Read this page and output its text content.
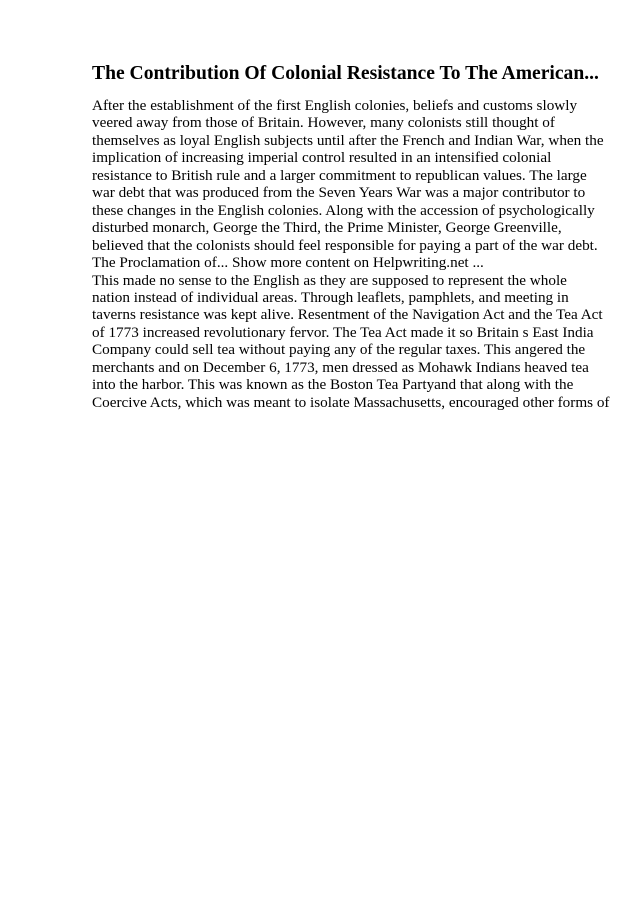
The Contribution Of Colonial Resistance To The American...
After the establishment of the first English colonies, beliefs and customs slowly
veered away from those of Britain. However, many colonists still thought of
themselves as loyal English subjects until after the French and Indian War, when the
implication of increasing imperial control resulted in an intensified colonial
resistance to British rule and a larger commitment to republican values. The large
war debt that was produced from the Seven Years War was a major contributor to
these changes in the English colonies. Along with the accession of psychologically
disturbed monarch, George the Third, the Prime Minister, George Greenville,
believed that the colonists should feel responsible for paying a part of the war debt.
The Proclamation of... Show more content on Helpwriting.net ...
This made no sense to the English as they are supposed to represent the whole
nation instead of individual areas. Through leaflets, pamphlets, and meeting in
taverns resistance was kept alive. Resentment of the Navigation Act and the Tea Act
of 1773 increased revolutionary fervor. The Tea Act made it so Britain s East India
Company could sell tea without paying any of the regular taxes. This angered the
merchants and on December 6, 1773, men dressed as Mohawk Indians heaved tea
into the harbor. This was known as the Boston Tea Partyand that along with the
Coercive Acts, which was meant to isolate Massachusetts, encouraged other forms of
